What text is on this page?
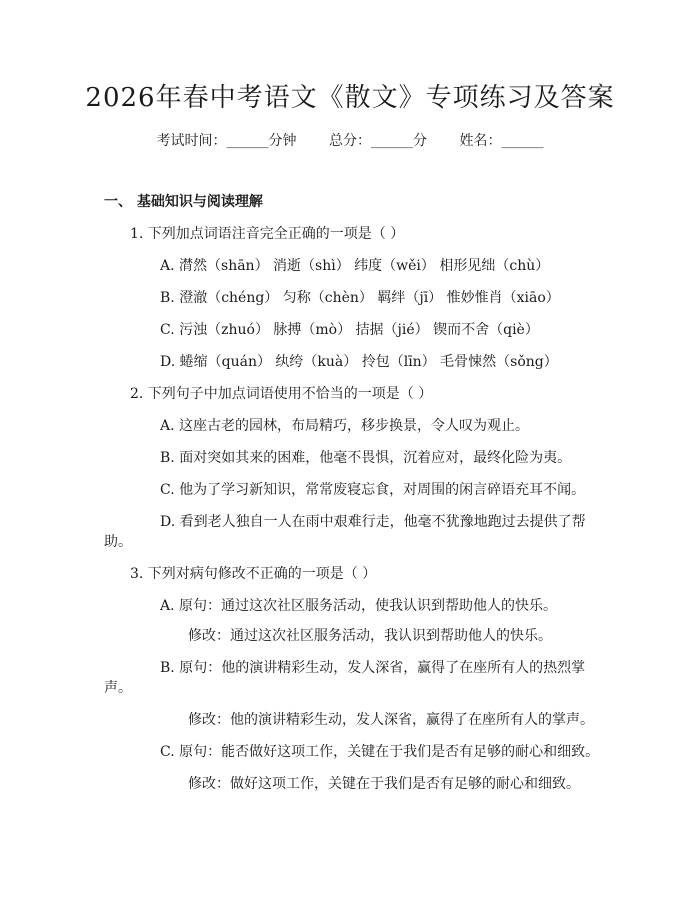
2026年春中考语文《散文》专项练习及答案
考试时间：______分钟 总分：______分 姓名：______
一、 基础知识与阅读理解
1. 下列加点词语注音完全正确的一项是（ ）
A. 潸然（shān） 消逝（shì） 纬度（wěi） 相形见绌（chù）
B. 澄澈（chéng） 匀称（chèn） 羁绊（jī） 惟妙惟肖（xiāo）
C. 污浊（zhuó） 脉搏（mò） 拮据（jié） 锲而不舍（qiè）
D. 蜷缩（quán） 纨绔（kuà） 拎包（līn） 毛骨悚然（sǒng）
2. 下列句子中加点词语使用不恰当的一项是（ ）
A. 这座古老的园林，布局精巧，移步换景，令人叹为观止。
B. 面对突如其来的困难，他毫不畏惧，沉着应对，最终化险为夷。
C. 他为了学习新知识，常常废寝忘食，对周围的闲言碎语充耳不闻。
D. 看到老人独自一人在雨中艰难行走，他毫不犹豫地跑过去提供了帮
助。
3. 下列对病句修改不正确的一项是（ ）
A. 原句：通过这次社区服务活动，使我认识到帮助他人的快乐。
修改：通过这次社区服务活动，我认识到帮助他人的快乐。
B. 原句：他的演讲精彩生动，发人深省，赢得了在座所有人的热烈掌
声。
修改：他的演讲精彩生动，发人深省，赢得了在座所有人的掌声。
C. 原句：能否做好这项工作，关键在于我们是否有足够的耐心和细致。
修改：做好这项工作，关键在于我们是否有足够的耐心和细致。
